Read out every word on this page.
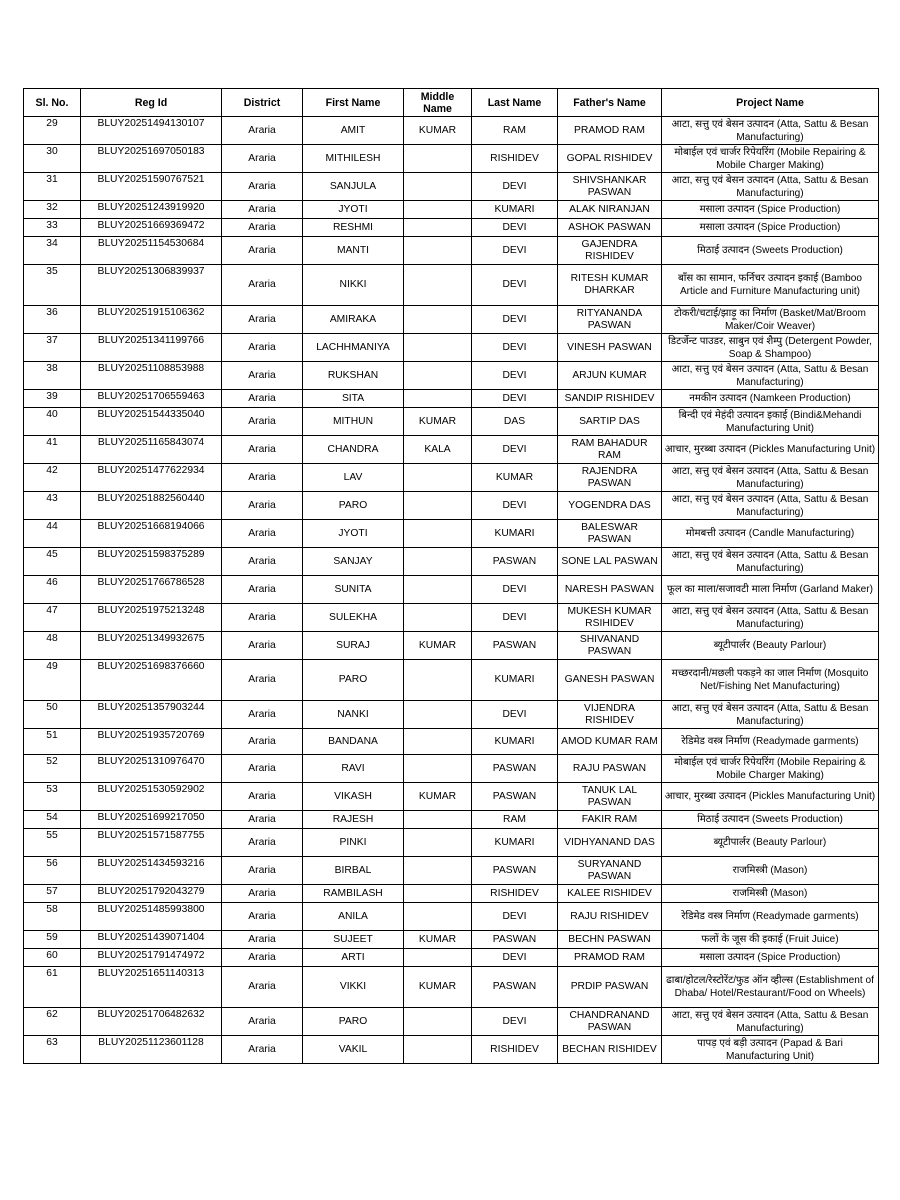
Sl. No.	Reg Id	District	First Name	Middle Name	Last Name	Father's Name	Project Name
29	BLUY20251494130107	Araria	AMIT	KUMAR	RAM	PRAMOD RAM	आटा, सत्तु एवं बेसन उत्पादन (Atta, Sattu & Besan Manufacturing)
30	BLUY20251697050183	Araria	MITHILESH		RISHIDEV	GOPAL RISHIDEV	मोबाईल एवं चार्जर रिपेयरिंग (Mobile Repairing & Mobile Charger Making)
31	BLUY20251590767521	Araria	SANJULA		DEVI	SHIVSHANKAR PASWAN	आटा, सत्तु एवं बेसन उत्पादन (Atta, Sattu & Besan Manufacturing)
32	BLUY20251243919920	Araria	JYOTI		KUMARI	ALAK NIRANJAN	मसाला उत्पादन (Spice Production)
33	BLUY20251669369472	Araria	RESHMI		DEVI	ASHOK PASWAN	मसाला उत्पादन (Spice Production)
34	BLUY20251154530684	Araria	MANTI		DEVI	GAJENDRA RISHIDEV	मिठाई उत्पादन (Sweets Production)
35	BLUY20251306839937	Araria	NIKKI		DEVI	RITESH KUMAR DHARKAR	बाँस का सामान, फर्निचर उत्पादन इकाई (Bamboo Article and Furniture Manufacturing unit)
36	BLUY20251915106362	Araria	AMIRAKA		DEVI	RITYANANDA PASWAN	टोकरी/चटाई/झाड़ू का निर्माण (Basket/Mat/Broom Maker/Coir Weaver)
37	BLUY20251341199766	Araria	LACHHMANIYA		DEVI	VINESH PASWAN	डिटर्जेन्ट पाउडर, साबुन एवं शैम्पु (Detergent Powder, Soap & Shampoo)
38	BLUY20251108853988	Araria	RUKSHAN		DEVI	ARJUN KUMAR	आटा, सत्तु एवं बेसन उत्पादन (Atta, Sattu & Besan Manufacturing)
39	BLUY20251706559463	Araria	SITA		DEVI	SANDIP RISHIDEV	नमकीन उत्पादन (Namkeen Production)
40	BLUY20251544335040	Araria	MITHUN	KUMAR	DAS	SARTIP DAS	बिन्दी एवं मेहंदी उत्पादन इकाई (Bindi&Mehandi Manufacturing Unit)
41	BLUY20251165843074	Araria	CHANDRA	KALA	DEVI	RAM BAHADUR RAM	आचार, मुरब्बा उत्पादन (Pickles Manufacturing Unit)
42	BLUY20251477622934	Araria	LAV		KUMAR	RAJENDRA PASWAN	आटा, सत्तु एवं बेसन उत्पादन (Atta, Sattu & Besan Manufacturing)
43	BLUY20251882560440	Araria	PARO		DEVI	YOGENDRA DAS	आटा, सत्तु एवं बेसन उत्पादन (Atta, Sattu & Besan Manufacturing)
44	BLUY20251668194066	Araria	JYOTI		KUMARI	BALESWAR PASWAN	मोमबत्ती उत्पादन (Candle Manufacturing)
45	BLUY20251598375289	Araria	SANJAY		PASWAN	SONE LAL PASWAN	आटा, सत्तु एवं बेसन उत्पादन (Atta, Sattu & Besan Manufacturing)
46	BLUY20251766786528	Araria	SUNITA		DEVI	NARESH PASWAN	फूल का माला/सजावटी माला निर्माण (Garland Maker)
47	BLUY20251975213248	Araria	SULEKHA		DEVI	MUKESH KUMAR RSIHIDEV	आटा, सत्तु एवं बेसन उत्पादन (Atta, Sattu & Besan Manufacturing)
48	BLUY20251349932675	Araria	SURAJ	KUMAR	PASWAN	SHIVANAND PASWAN	ब्यूटीपार्लर (Beauty Parlour)
49	BLUY20251698376660	Araria	PARO		KUMARI	GANESH PASWAN	मच्छरदानी/मछली पकड़ने का जाल निर्माण (Mosquito Net/Fishing Net Manufacturing)
50	BLUY20251357903244	Araria	NANKI		DEVI	VIJENDRA RISHIDEV	आटा, सत्तु एवं बेसन उत्पादन (Atta, Sattu & Besan Manufacturing)
51	BLUY20251935720769	Araria	BANDANA		KUMARI	AMOD KUMAR RAM	रेडिमेड वस्त्र निर्माण (Readymade garments)
52	BLUY20251310976470	Araria	RAVI		PASWAN	RAJU PASWAN	मोबाईल एवं चार्जर रिपेयरिंग (Mobile Repairing & Mobile Charger Making)
53	BLUY20251530592902	Araria	VIKASH	KUMAR	PASWAN	TANUK LAL PASWAN	आचार, मुरब्बा उत्पादन (Pickles Manufacturing Unit)
54	BLUY20251699217050	Araria	RAJESH		RAM	FAKIR RAM	मिठाई उत्पादन (Sweets Production)
55	BLUY20251571587755	Araria	PINKI		KUMARI	VIDHYANAND DAS	ब्यूटीपार्लर (Beauty Parlour)
56	BLUY20251434593216	Araria	BIRBAL		PASWAN	SURYANAND PASWAN	राजमिस्त्री (Mason)
57	BLUY20251792043279	Araria	RAMBILASH		RISHIDEV	KALEE RISHIDEV	राजमिस्त्री (Mason)
58	BLUY20251485993800	Araria	ANILA		DEVI	RAJU RISHIDEV	रेडिमेड वस्त्र निर्माण (Readymade garments)
59	BLUY20251439071404	Araria	SUJEET	KUMAR	PASWAN	BECHN PASWAN	फलों के जूस की इकाई (Fruit Juice)
60	BLUY20251791474972	Araria	ARTI		DEVI	PRAMOD RAM	मसाला उत्पादन (Spice Production)
61	BLUY20251651140313	Araria	VIKKI	KUMAR	PASWAN	PRDIP PASWAN	ढाबा/होटल/रेस्टोरेंट/फुड ऑन व्हील्स (Establishment of Dhaba/ Hotel/Restaurant/Food on Wheels)
62	BLUY20251706482632	Araria	PARO		DEVI	CHANDRANAND PASWAN	आटा, सत्तु एवं बेसन उत्पादन (Atta, Sattu & Besan Manufacturing)
63	BLUY20251123601128	Araria	VAKIL		RISHIDEV	BECHAN RISHIDEV	पापड़ एवं बड़ी उत्पादन (Papad & Bari Manufacturing Unit)
